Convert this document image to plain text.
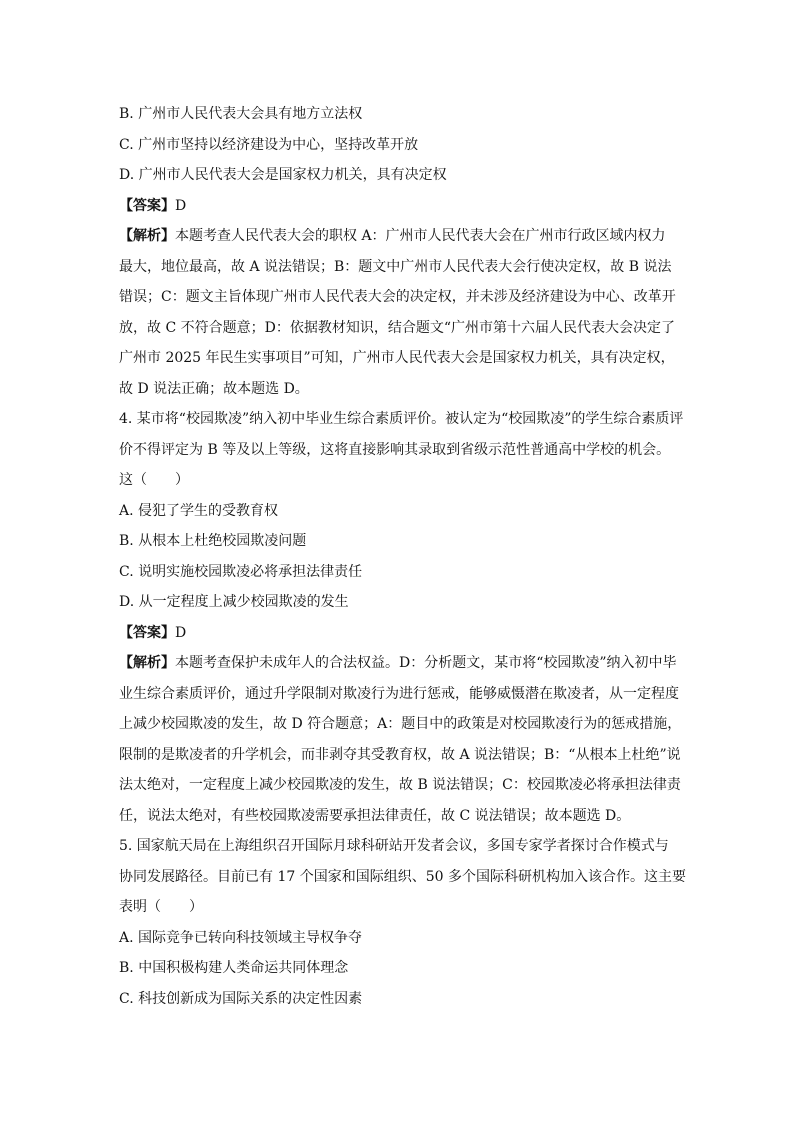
B. 广州市人民代表大会具有地方立法权
C. 广州市坚持以经济建设为中心，坚持改革开放
D. 广州市人民代表大会是国家权力机关，具有决定权
【答案】D
【解析】本题考查人民代表大会的职权 A：广州市人民代表大会在广州市行政区域内权力
最大，地位最高，故 A 说法错误；B：题文中广州市人民代表大会行使决定权，故 B 说法
错误；C：题文主旨体现广州市人民代表大会的决定权，并未涉及经济建设为中心、改革开
放，故 C 不符合题意；D：依据教材知识，结合题文“广州市第十六届人民代表大会决定了
广州市 2025 年民生实事项目”可知，广州市人民代表大会是国家权力机关，具有决定权，
故 D 说法正确；故本题选 D。
4. 某市将“校园欺凌”纳入初中毕业生综合素质评价。被认定为“校园欺凌”的学生综合素质评
价不得评定为 B 等及以上等级，这将直接影响其录取到省级示范性普通高中学校的机会。
这（　　）
A. 侵犯了学生的受教育权
B. 从根本上杜绝校园欺凌问题
C. 说明实施校园欺凌必将承担法律责任
D. 从一定程度上减少校园欺凌的发生
【答案】D
【解析】本题考查保护未成年人的合法权益。D：分析题文，某市将“校园欺凌”纳入初中毕
业生综合素质评价，通过升学限制对欺凌行为进行惩戒，能够威慑潜在欺凌者，从一定程度
上减少校园欺凌的发生，故 D 符合题意；A：题目中的政策是对校园欺凌行为的惩戒措施，
限制的是欺凌者的升学机会，而非剥夺其受教育权，故 A 说法错误；B：“从根本上杜绝”说
法太绝对，一定程度上减少校园欺凌的发生，故 B 说法错误；C：校园欺凌必将承担法律责
任，说法太绝对，有些校园欺凌需要承担法律责任，故 C 说法错误；故本题选 D。
5. 国家航天局在上海组织召开国际月球科研站开发者会议，多国专家学者探讨合作模式与
协同发展路径。目前已有 17 个国家和国际组织、50 多个国际科研机构加入该合作。这主要
表明（　　）
A. 国际竞争已转向科技领域主导权争夺
B. 中国积极构建人类命运共同体理念
C. 科技创新成为国际关系的决定性因素
